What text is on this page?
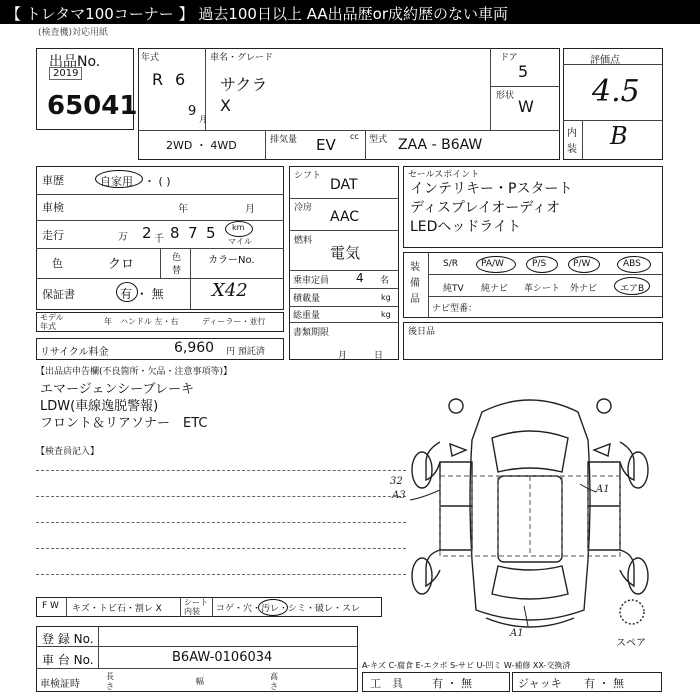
【 トレタマ100コーナー 】 過去100日以上 AA出品歴or成約歴のない車両
(検査機)対応用紙
出品No.
2019
65041
年式
R 6
9
月
車名・グレード
サクラ
X
ドア
5
形状
W
2WD ・ 4WD	排気量 EV cc 型式 ZAA - B6AW
評価点
4.5
内
装 B
車歴	自家用 ・ ( )
車検	年	月
走行	万 2 千 8 7 5 km
マイル
色	クロ	色
替
カラーNo.
X42
保証書	有 ・ 無
モデル
年式
年 ハンドル 左・右	ディーラー・並行
リサイクル料金	6,960 円 預託済
シフト
DAT
冷房
AAC
燃料
電気
乗車定員 4 名
積載量	kg
総重量	kg
書類期限
月	日
セールスポイント
インテリキー・Pスタート
ディスプレイオーディオ
LEDヘッドライト
装
備
品
S/R	PA/W	P/S	P/W	ABS
純TV 純ナビ 革シート 外ナビ	エアB
ナビ型番：
後日品
【出品店申告欄(不良箇所・欠品・注意事項等)】
エマージェンシーブレーキ
LDW(車線逸脱警報)
フロント＆リアソナー　ETC
【検査員記入】
32
A3
A1
A1
スペア
F W キズ・トビ石・割レ X
シート
内装 コゲ・穴・汚レ・シミ・破レ・スレ
登 録 No.
車 台 No.	B6AW-0106034
車検証時
長
さ
幅
高
さ
A-キズ C-腐食 E-エクボ S-サビ U-凹ミ W-補修 XX-交換済
工　具	有 ・ 無	ジャッキ 有 ・ 無
